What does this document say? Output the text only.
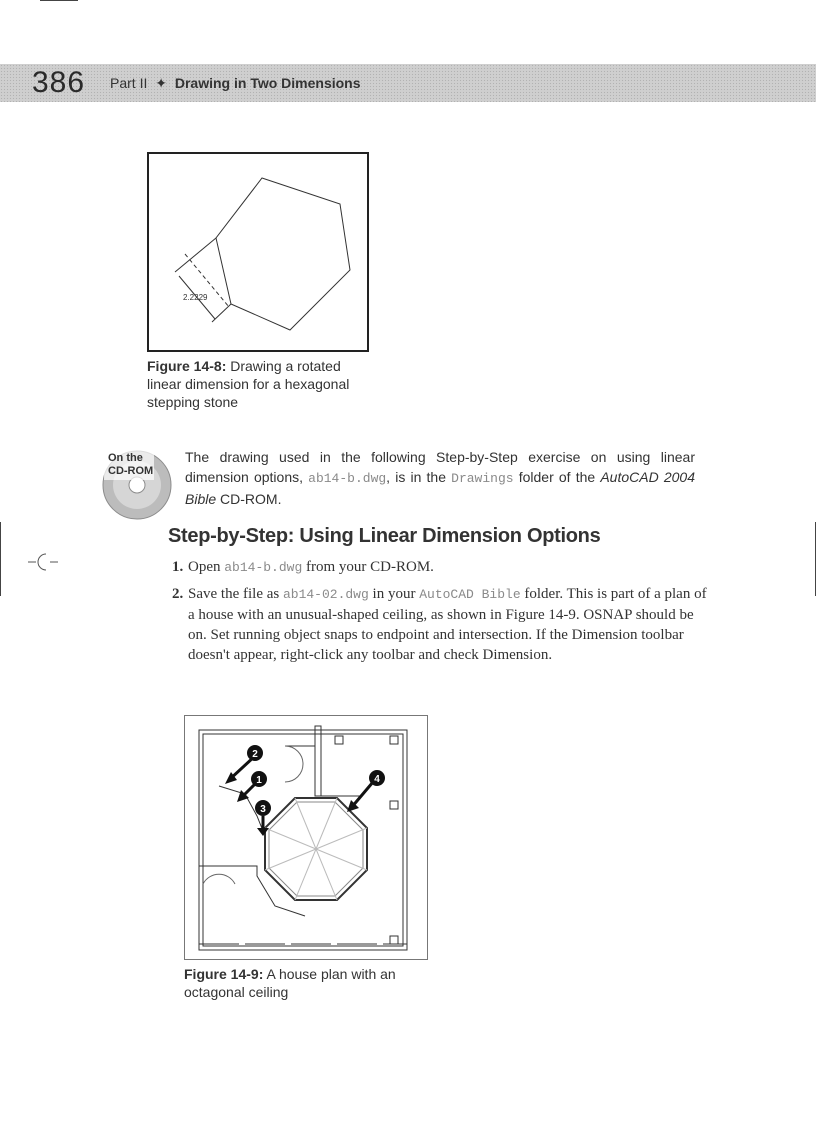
386 Part II ✦ Drawing in Two Dimensions
2.2229
Figure 14-8: Drawing a rotated linear dimension for a hexagonal stepping stone
On the
CD-ROM
The drawing used in the following Step-by-Step exercise on using linear dimension options, ab14-b.dwg, is in the Drawings folder of the AutoCAD 2004 Bible CD-ROM.
Step-by-Step: Using Linear Dimension Options
1. Open ab14-b.dwg from your CD-ROM.
2. Save the file as ab14-02.dwg in your AutoCAD Bible folder. This is part of a plan of a house with an unusual-shaped ceiling, as shown in Figure 14-9. OSNAP should be on. Set running object snaps to endpoint and intersection. If the Dimension toolbar doesn't appear, right-click any toolbar and check Dimension.
2
1
3
4
Figure 14-9: A house plan with an octagonal ceiling
